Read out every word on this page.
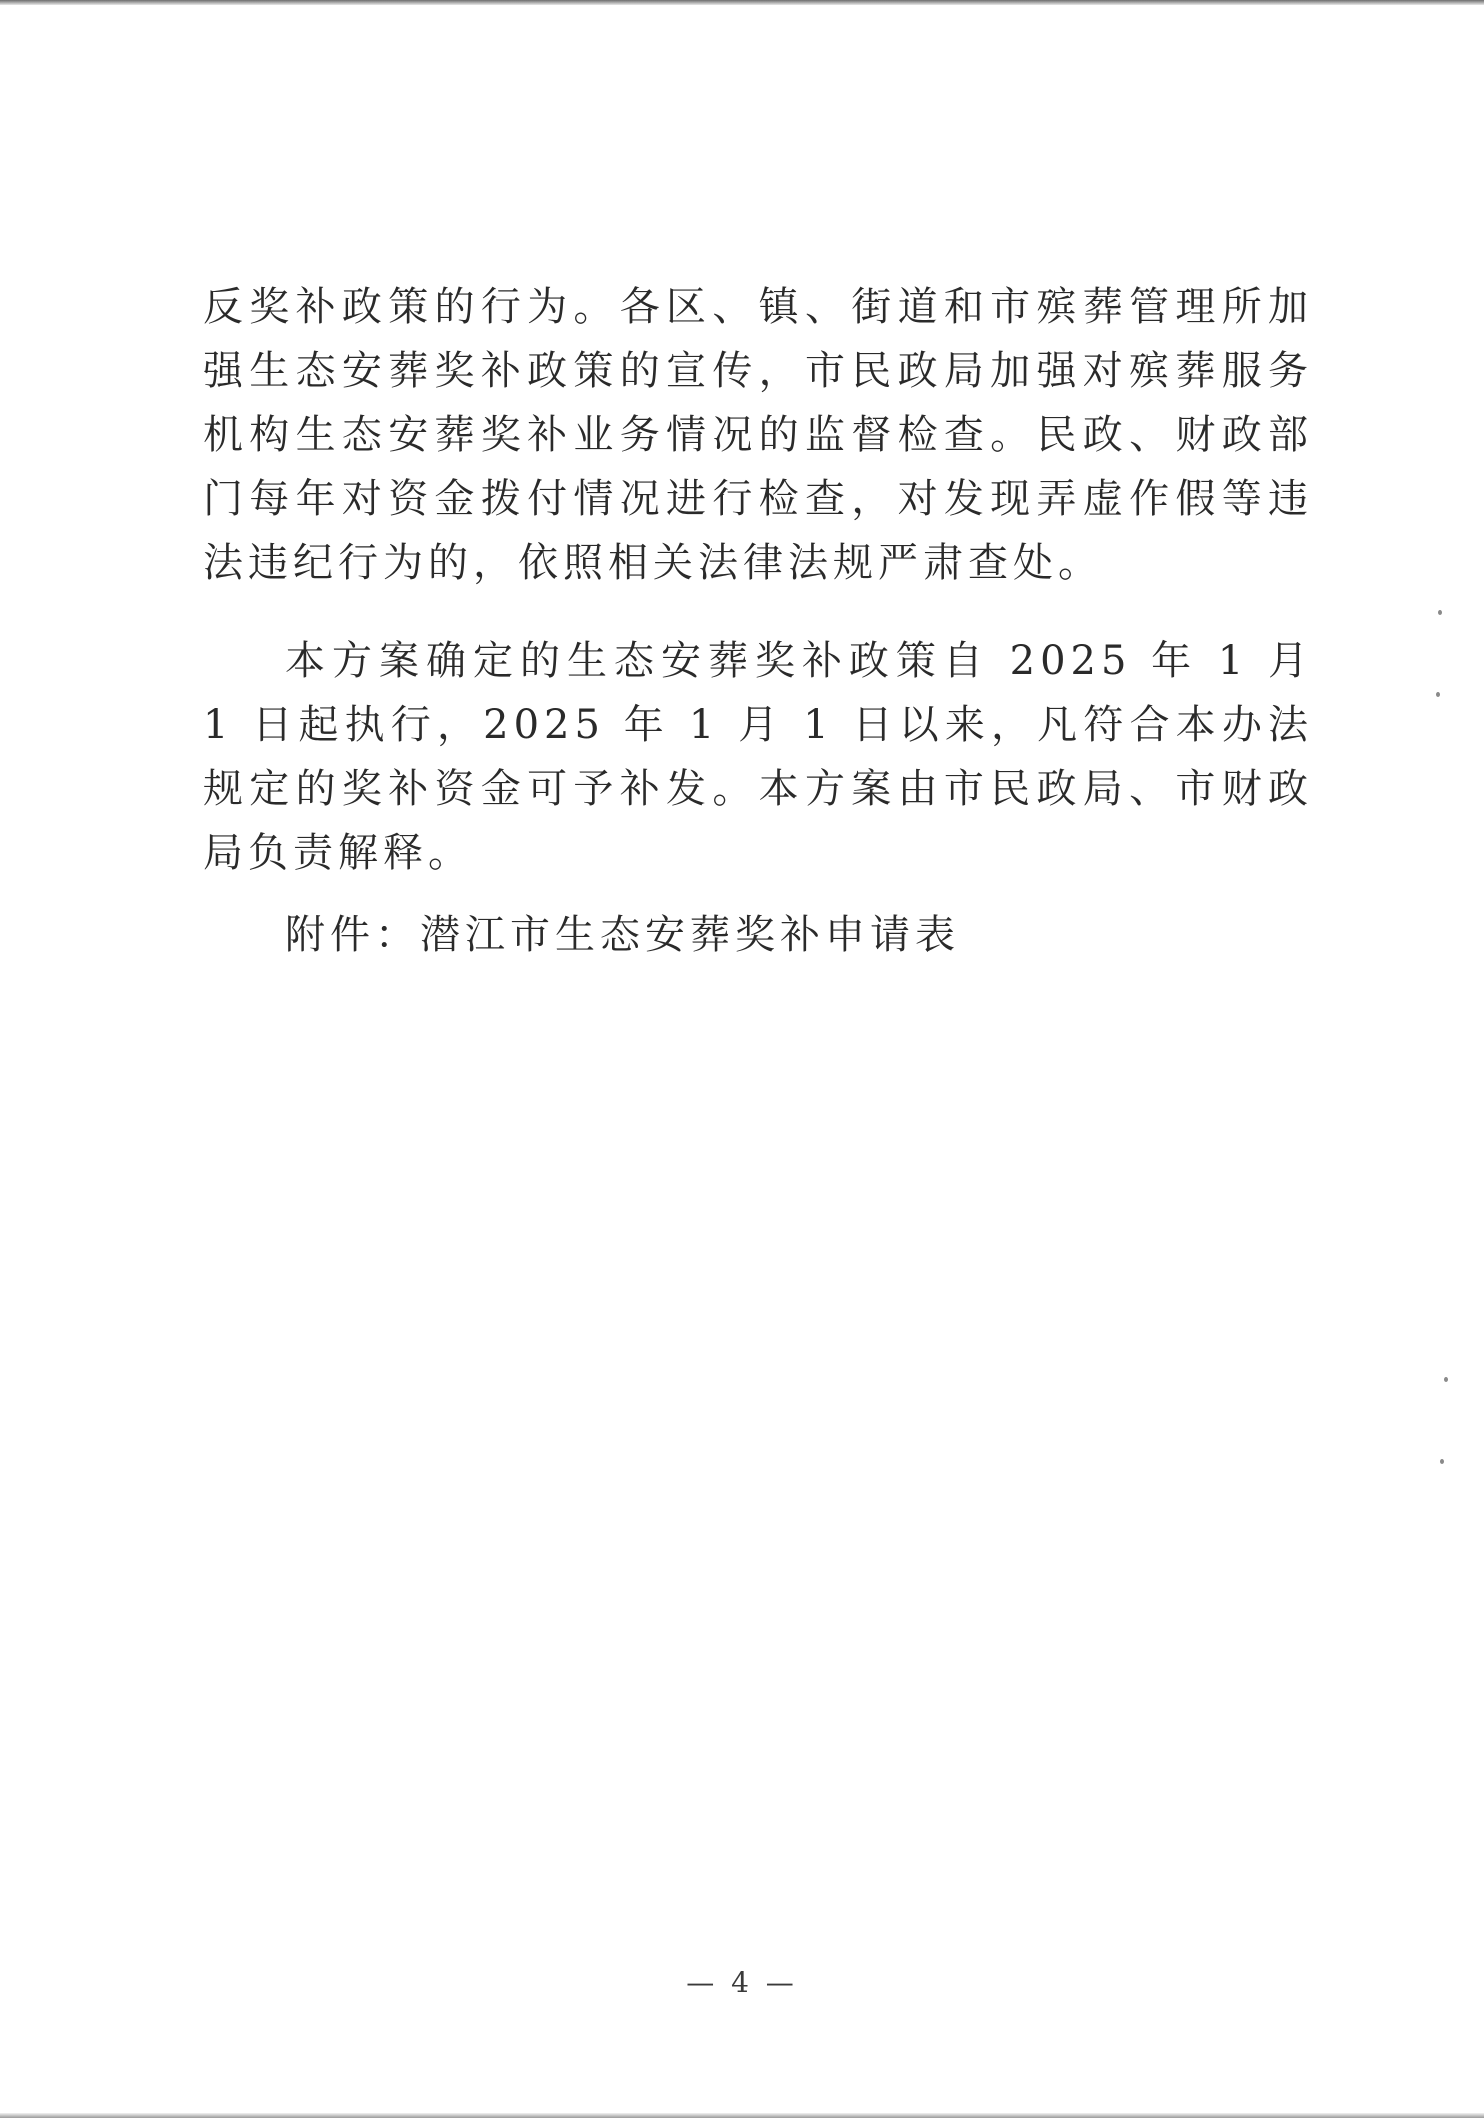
反奖补政策的行为。各区、镇、街道和市殡葬管理所加强生态安葬奖补政策的宣传，市民政局加强对殡葬服务机构生态安葬奖补业务情况的监督检查。民政、财政部门每年对资金拨付情况进行检查，对发现弄虚作假等违法违纪行为的，依照相关法律法规严肃查处。

本方案确定的生态安葬奖补政策自 2025 年 1 月 1 日起执行，2025 年 1 月 1 日以来，凡符合本办法规定的奖补资金可予补发。本方案由市民政局、市财政局负责解释。

附件：潜江市生态安葬奖补申请表

— 4 —
